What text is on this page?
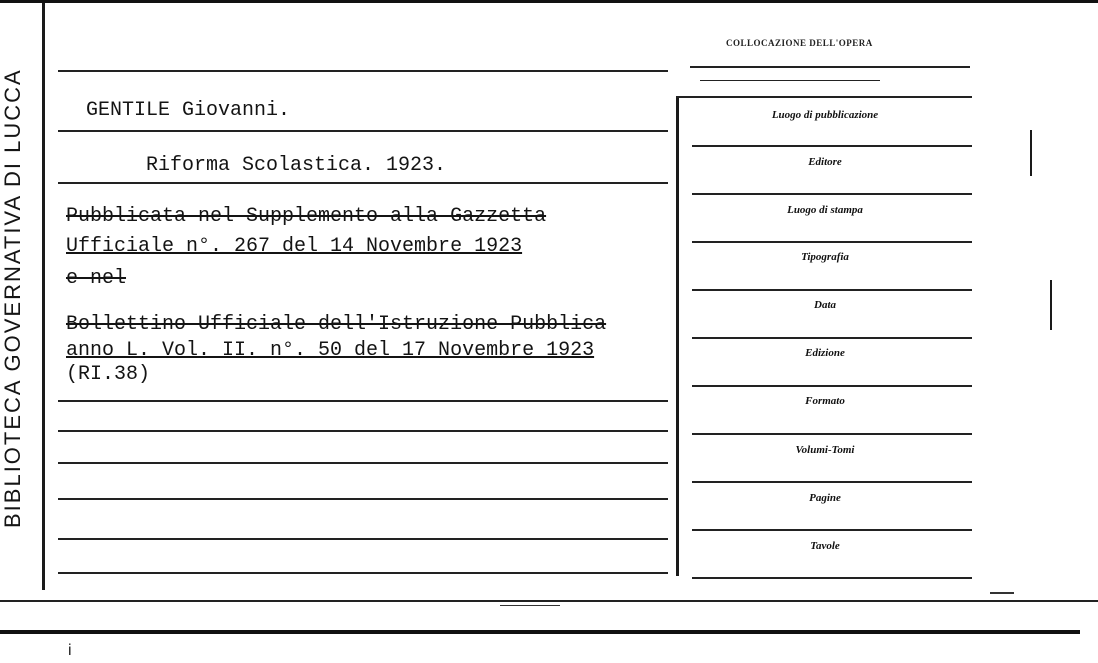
BIBLIOTECA GOVERNATIVA DI LUCCA
COLLOCAZIONE DELL'OPERA
GENTILE Giovanni.
Riforma Scolastica. 1923.
Pubblicata nel Supplemento alla Gazzetta
Ufficiale n°. 267 del 14 Novembre 1923
e nel
Bollettino Ufficiale dell'Istruzione Pubblica
anno L. Vol. II. n°. 50 del 17 Novembre 1923
(RI.38)
Luogo di pubblicazione
Editore
Luogo di stampa
Tipografia
Data
Edizione
Formato
Volumi-Tomi
Pagine
Tavole
i
